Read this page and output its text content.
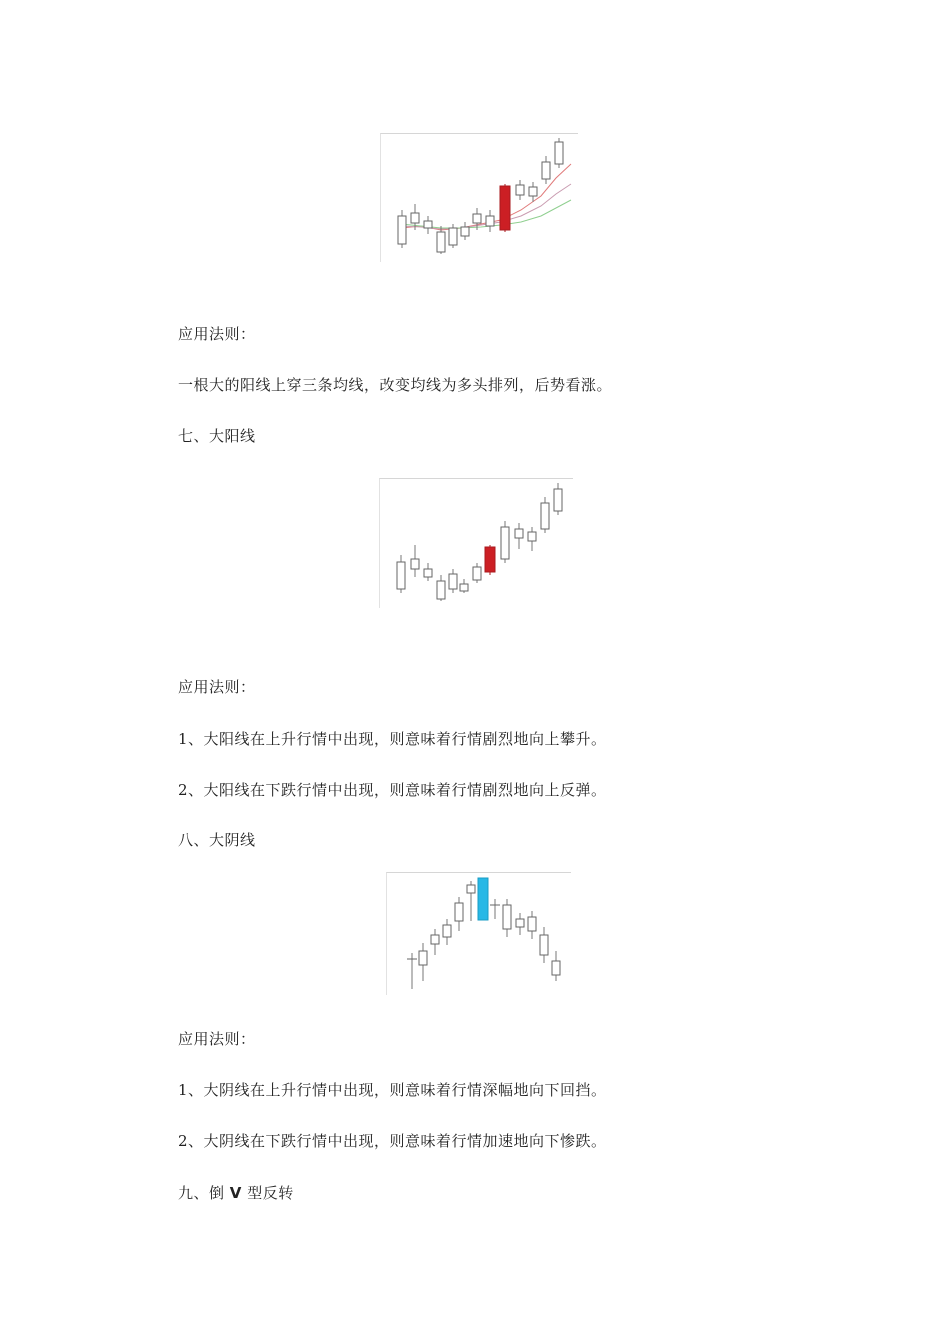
应用法则：
一根大的阳线上穿三条均线，改变均线为多头排列，后势看涨。
七、大阳线
应用法则：
1、大阳线在上升行情中出现，则意味着行情剧烈地向上攀升。
2、大阳线在下跌行情中出现，则意味着行情剧烈地向上反弹。
八、大阴线
应用法则：
1、大阴线在上升行情中出现，则意味着行情深幅地向下回挡。
2、大阴线在下跌行情中出现，则意味着行情加速地向下惨跌。
九、倒 V 型反转
